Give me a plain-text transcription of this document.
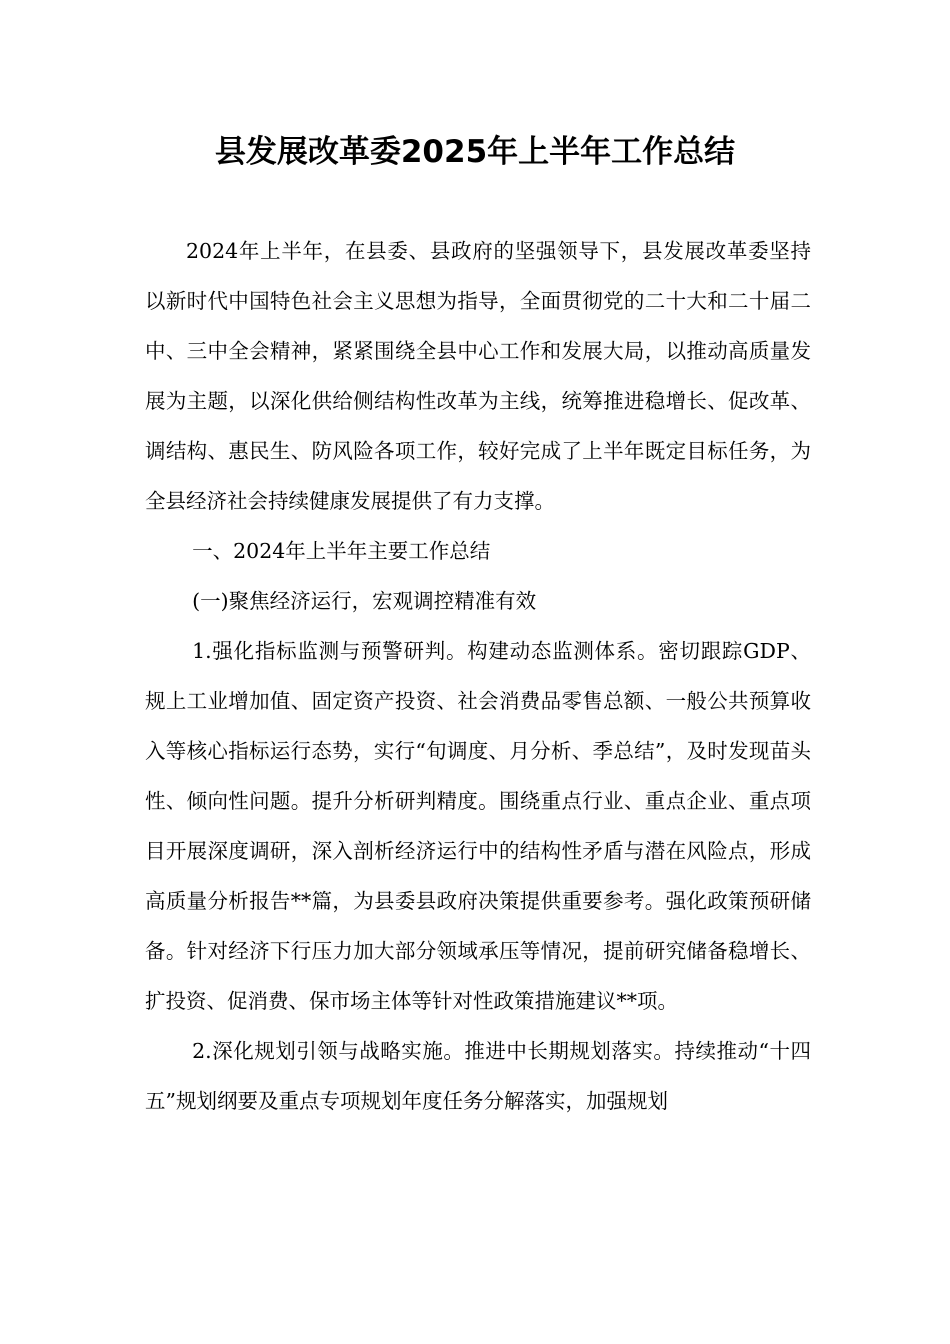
县发展改革委2025年上半年工作总结

2024年上半年，在县委、县政府的坚强领导下，县发展改革委坚持以新时代中国特色社会主义思想为指导，全面贯彻党的二十大和二十届二中、三中全会精神，紧紧围绕全县中心工作和发展大局，以推动高质量发展为主题，以深化供给侧结构性改革为主线，统筹推进稳增长、促改革、调结构、惠民生、防风险各项工作，较好完成了上半年既定目标任务，为全县经济社会持续健康发展提供了有力支撑。

一、2024年上半年主要工作总结

(一)聚焦经济运行，宏观调控精准有效

1.强化指标监测与预警研判。构建动态监测体系。密切跟踪GDP、规上工业增加值、固定资产投资、社会消费品零售总额、一般公共预算收入等核心指标运行态势，实行“旬调度、月分析、季总结”，及时发现苗头性、倾向性问题。提升分析研判精度。围绕重点行业、重点企业、重点项目开展深度调研，深入剖析经济运行中的结构性矛盾与潜在风险点，形成高质量分析报告**篇，为县委县政府决策提供重要参考。强化政策预研储备。针对经济下行压力加大部分领域承压等情况，提前研究储备稳增长、扩投资、促消费、保市场主体等针对性政策措施建议**项。

2.深化规划引领与战略实施。推进中长期规划落实。持续推动“十四五”规划纲要及重点专项规划年度任务分解落实，加强规划
